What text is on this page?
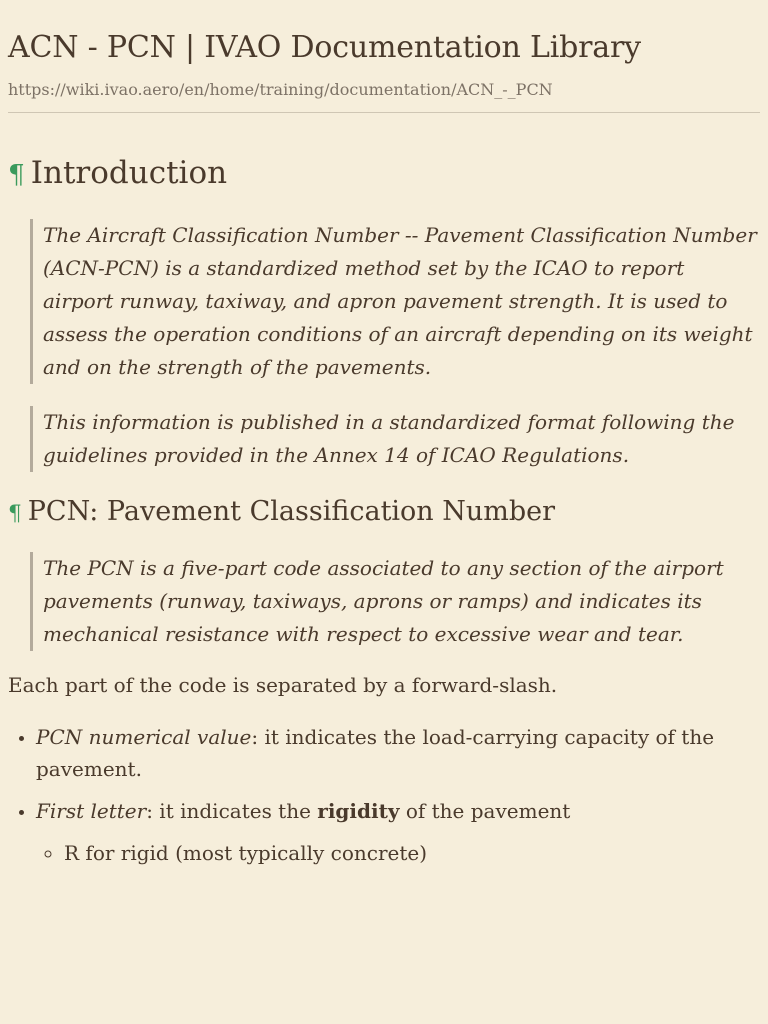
ACN - PCN | IVAO Documentation Library
https://wiki.ivao.aero/en/home/training/documentation/ACN_-_PCN
¶ Introduction
The Aircraft Classification Number -- Pavement Classification Number (ACN-PCN) is a standardized method set by the ICAO to report airport runway, taxiway, and apron pavement strength. It is used to assess the operation conditions of an aircraft depending on its weight and on the strength of the pavements.
This information is published in a standardized format following the guidelines provided in the Annex 14 of ICAO Regulations.
¶ PCN: Pavement Classification Number
The PCN is a five-part code associated to any section of the airport pavements (runway, taxiways, aprons or ramps) and indicates its mechanical resistance with respect to excessive wear and tear.
Each part of the code is separated by a forward-slash.
• PCN numerical value: it indicates the load-carrying capacity of the pavement.
• First letter: it indicates the rigidity of the pavement
◦ R for rigid (most typically concrete)
